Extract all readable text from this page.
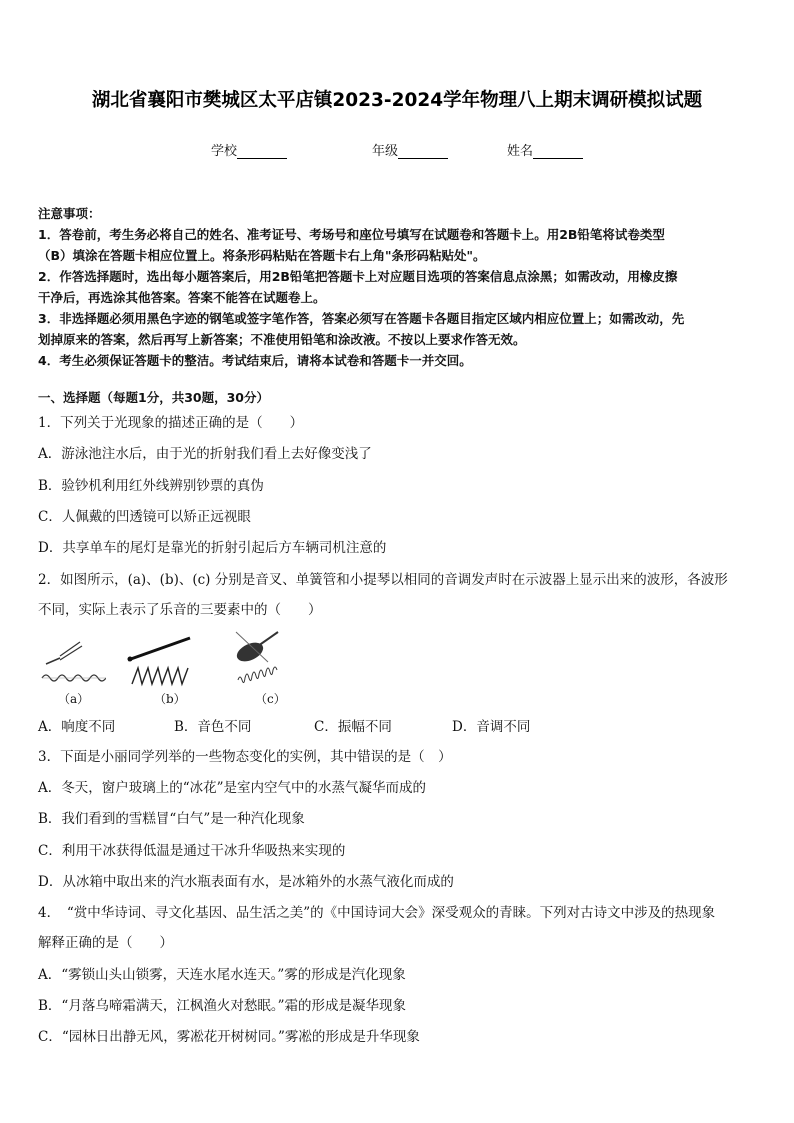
湖北省襄阳市樊城区太平店镇2023-2024学年物理八上期末调研模拟试题
学校	年级	姓名

注意事项：

1．答卷前，考生务必将自己的姓名、准考证号、考场号和座位号填写在试题卷和答题卡上。用2B铅笔将试卷类型

（B）填涂在答题卡相应位置上。将条形码粘贴在答题卡右上角"条形码粘贴处"。

2．作答选择题时，选出每小题答案后，用2B铅笔把答题卡上对应题目选项的答案信息点涂黑；如需改动，用橡皮擦

干净后，再选涂其他答案。答案不能答在试题卷上。

3．非选择题必须用黑色字迹的钢笔或签字笔作答，答案必须写在答题卡各题目指定区域内相应位置上；如需改动，先

划掉原来的答案，然后再写上新答案；不准使用铅笔和涂改液。不按以上要求作答无效。

4．考生必须保证答题卡的整洁。考试结束后，请将本试卷和答题卡一并交回。

一、选择题（每题1分，共30题，30分）

1．下列关于光现象的描述正确的是（　　）

A．游泳池注水后，由于光的折射我们看上去好像变浅了

B．验钞机利用红外线辨别钞票的真伪

C．人佩戴的凹透镜可以矫正远视眼

D．共享单车的尾灯是靠光的折射引起后方车辆司机注意的

2．如图所示，(a)、(b)、(c) 分别是音叉、单簧管和小提琴以相同的音调发声时在示波器上显示出来的波形，各波形

不同，实际上表示了乐音的三要素中的（　　）

（a）	（b）	（c）
A．响度不同	B．音色不同	C．振幅不同	D．音调不同

3．下面是小丽同学列举的一些物态变化的实例，其中错误的是（　）

A．冬天，窗户玻璃上的“冰花”是室内空气中的水蒸气凝华而成的

B．我们看到的雪糕冒“白气”是一种汽化现象

C．利用干冰获得低温是通过干冰升华吸热来实现的

D．从冰箱中取出来的汽水瓶表面有水，是冰箱外的水蒸气液化而成的

4．　“赏中华诗词、寻文化基因、品生活之美”的《中国诗词大会》深受观众的青睐。下列对古诗文中涉及的热现象

解释正确的是（　　）

A．“雾锁山头山锁雾，天连水尾水连天。”雾的形成是汽化现象

B．“月落乌啼霜满天，江枫渔火对愁眠。”霜的形成是凝华现象

C．“园林日出静无风，雾凇花开树树同。”雾凇的形成是升华现象
